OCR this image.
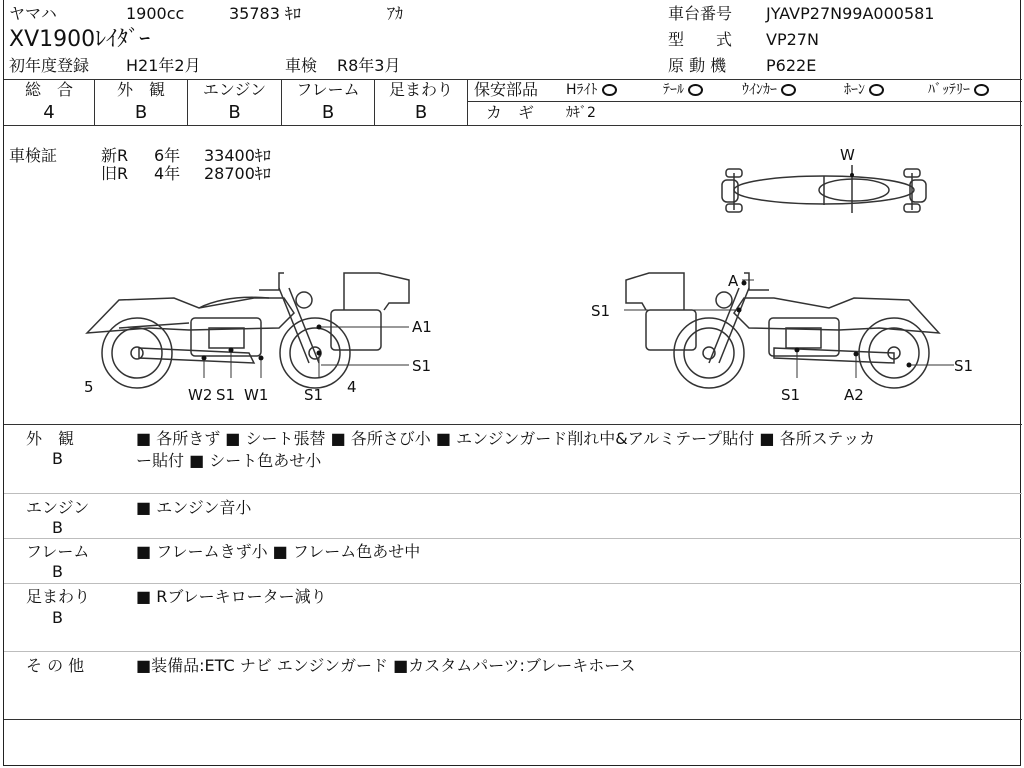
ヤマハ	1900cc	35783 ｷﾛ	ｱｶ
XV1900ﾚｲﾀﾞｰ
初年度登録 H21年2月	車検 R8年3月
車台番号 JYAVP27N99A000581
型　　式 VP27N
原 動 機 P622E
総　合	外　観	エンジン	フレーム	足まわり
4	B	B	B	B
保安部品 Hﾗｲﾄ	ﾃｰﾙ	ｳｲﾝｶｰ	ﾎｰﾝ	ﾊﾞｯﾃﾘｰ
カ　ギ ｶｷﾞ2
車検証	新R 6年 33400ｷﾛ
旧R 4年 28700ｷﾛ
W
A1
S1
W2 S1 W1 S1
5	4
A
S1
S1
S1
A2
外　観
B
■ 各所きず ■ シート張替 ■ 各所さび小 ■ エンジンガード削れ中&アルミテープ貼付 ■ 各所ステッカ
ー貼付 ■ シート色あせ小
エンジン
B
■ エンジン音小
フレーム
B
■ フレームきず小 ■ フレーム色あせ中
足まわり
B
■ Rブレーキローター減り
そ の 他	■装備品:ETC ナビ エンジンガード ■カスタムパーツ:ブレーキホース
